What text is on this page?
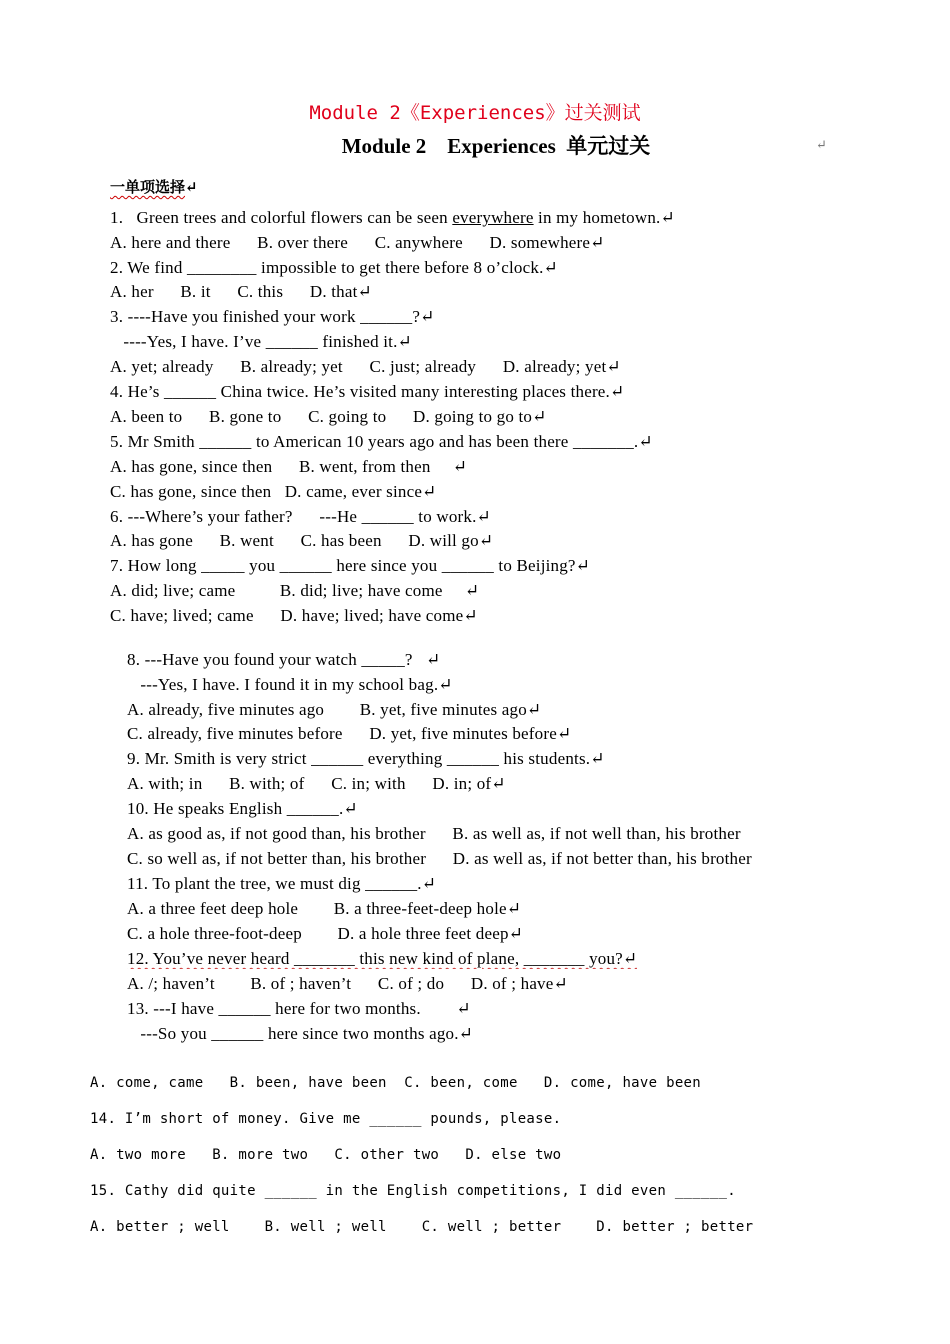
Module 2《Experiences》过关测试
Module 2    Experiences  单元过关	↵
一单项选择↵
1.   Green trees and colorful flowers can be seen everywhere in my hometown.↵
A. here and there      B. over there      C. anywhere      D. somewhere↵
2. We find ________ impossible to get there before 8 o’clock.↵
A. her      B. it      C. this      D. that↵
3. ----Have you finished your work ______?↵
----Yes, I have. I’ve ______ finished it.↵
A. yet; already      B. already; yet      C. just; already      D. already; yet↵
4. He’s ______ China twice. He’s visited many interesting places there.↵
A. been to      B. gone to      C. going to      D. going to go to↵
5. Mr Smith ______ to American 10 years ago and has been there _______.↵
A. has gone, since then      B. went, from then     ↵
C. has gone, since then   D. came, ever since↵
6. ---Where’s your father?      ---He ______ to work.↵
A. has gone      B. went      C. has been      D. will go↵
7. How long _____ you ______ here since you ______ to Beijing?↵
A. did; live; came          B. did; live; have come     ↵
C. have; lived; came      D. have; lived; have come↵
8. ---Have you found your watch _____?   ↵
---Yes, I have. I found it in my school bag.↵
A. already, five minutes ago        B. yet, five minutes ago↵
C. already, five minutes before      D. yet, five minutes before↵
9. Mr. Smith is very strict ______ everything ______ his students.↵
A. with; in      B. with; of      C. in; with      D. in; of↵
10. He speaks English ______.↵
A. as good as, if not good than, his brother      B. as well as, if not well than, his brother
C. so well as, if not better than, his brother      D. as well as, if not better than, his brother
11. To plant the tree, we must dig ______.↵
A. a three feet deep hole        B. a three-feet-deep hole↵
C. a hole three-foot-deep        D. a hole three feet deep↵
12. You’ve never heard _______ this new kind of plane, _______ you?↵
A. /; haven’t        B. of ; haven’t      C. of ; do      D. of ; have↵
13. ---I have ______ here for two months.        ↵
---So you ______ here since two months ago.↵
A. come, came   B. been, have been  C. been, come   D. come, have been
14. I’m short of money. Give me ______ pounds, please.
A. two more   B. more two   C. other two   D. else two
15. Cathy did quite ______ in the English competitions, I did even ______.
A. better ; well    B. well ; well    C. well ; better    D. better ; better
